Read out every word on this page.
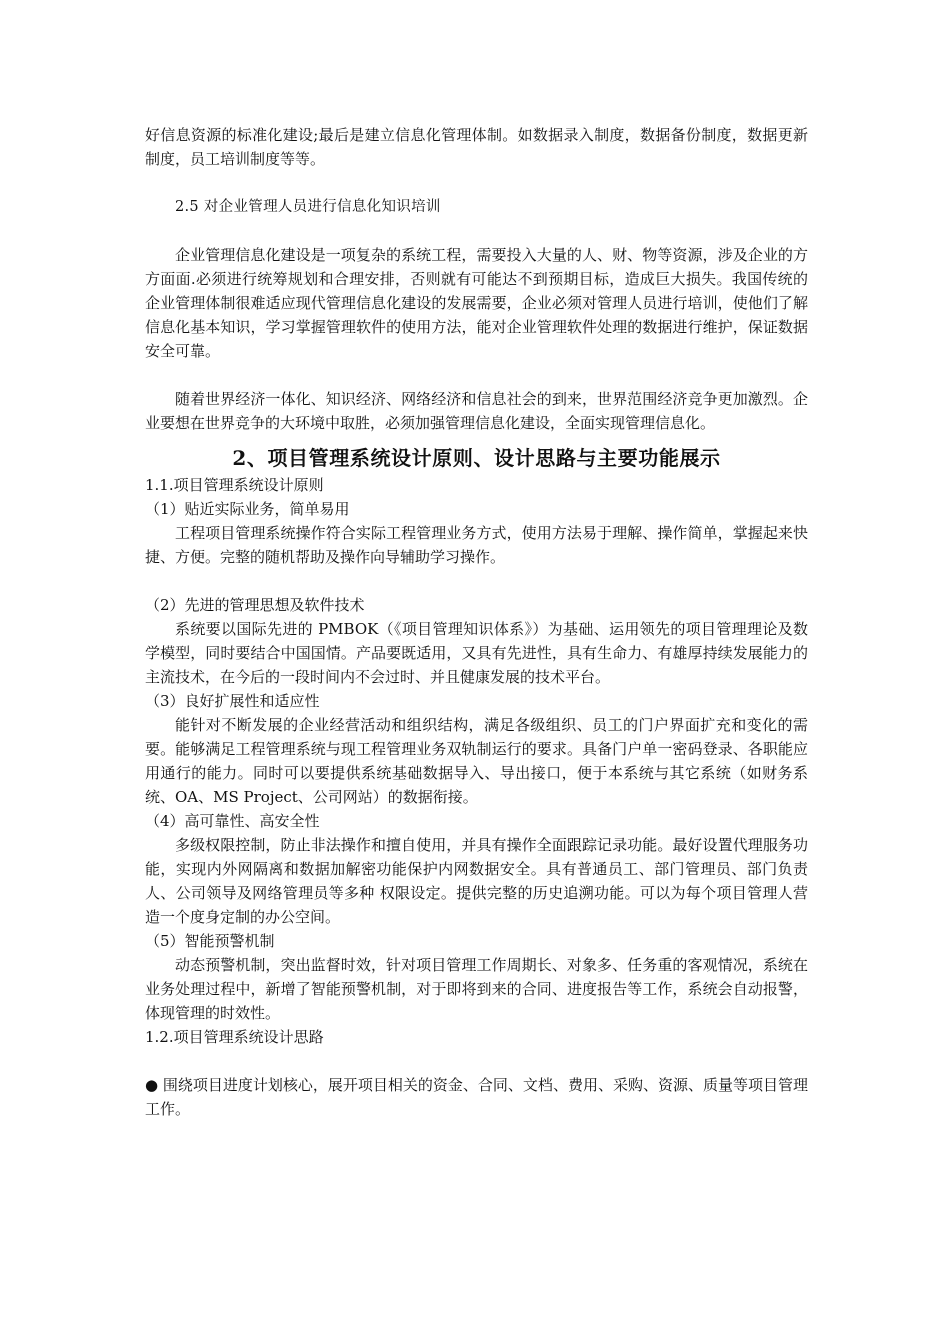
好信息资源的标准化建设;最后是建立信息化管理体制。如数据录入制度，数据备份制度，数据更新制度，员工培训制度等等。

2.5 对企业管理人员进行信息化知识培训

企业管理信息化建设是一项复杂的系统工程，需要投入大量的人、财、物等资源，涉及企业的方方面面.必须进行统筹规划和合理安排，否则就有可能达不到预期目标，造成巨大损失。我国传统的企业管理体制很难适应现代管理信息化建设的发展需要，企业必须对管理人员进行培训，使他们了解信息化基本知识，学习掌握管理软件的使用方法，能对企业管理软件处理的数据进行维护，保证数据安全可靠。

随着世界经济一体化、知识经济、网络经济和信息社会的到来，世界范围经济竞争更加激烈。企业要想在世界竞争的大环境中取胜，必须加强管理信息化建设，全面实现管理信息化。

2、项目管理系统设计原则、设计思路与主要功能展示

1.1.项目管理系统设计原则

（1）贴近实际业务，简单易用

工程项目管理系统操作符合实际工程管理业务方式，使用方法易于理解、操作简单，掌握起来快捷、方便。完整的随机帮助及操作向导辅助学习操作。

（2）先进的管理思想及软件技术

系统要以国际先进的 PMBOK（《项目管理知识体系》）为基础、运用领先的项目管理理论及数学模型，同时要结合中国国情。产品要既适用，又具有先进性，具有生命力、有雄厚持续发展能力的主流技术，在今后的一段时间内不会过时、并且健康发展的技术平台。

（3）良好扩展性和适应性

能针对不断发展的企业经营活动和组织结构，满足各级组织、员工的门户界面扩充和变化的需要。能够满足工程管理系统与现工程管理业务双轨制运行的要求。具备门户单一密码登录、各职能应用通行的能力。同时可以要提供系统基础数据导入、导出接口，便于本系统与其它系统（如财务系统、OA、MS Project、公司网站）的数据衔接。

（4）高可靠性、高安全性

多级权限控制，防止非法操作和擅自使用，并具有操作全面跟踪记录功能。最好设置代理服务功能，实现内外网隔离和数据加解密功能保护内网数据安全。具有普通员工、部门管理员、部门负责人、公司领导及网络管理员等多种 权限设定。提供完整的历史追溯功能。可以为每个项目管理人营造一个度身定制的办公空间。

（5）智能预警机制

动态预警机制，突出监督时效，针对项目管理工作周期长、对象多、任务重的客观情况，系统在业务处理过程中，新增了智能预警机制，对于即将到来的合同、进度报告等工作，系统会自动报警，体现管理的时效性。

1.2.项目管理系统设计思路

● 围绕项目进度计划核心，展开项目相关的资金、合同、文档、费用、采购、资源、质量等项目管理工作。
